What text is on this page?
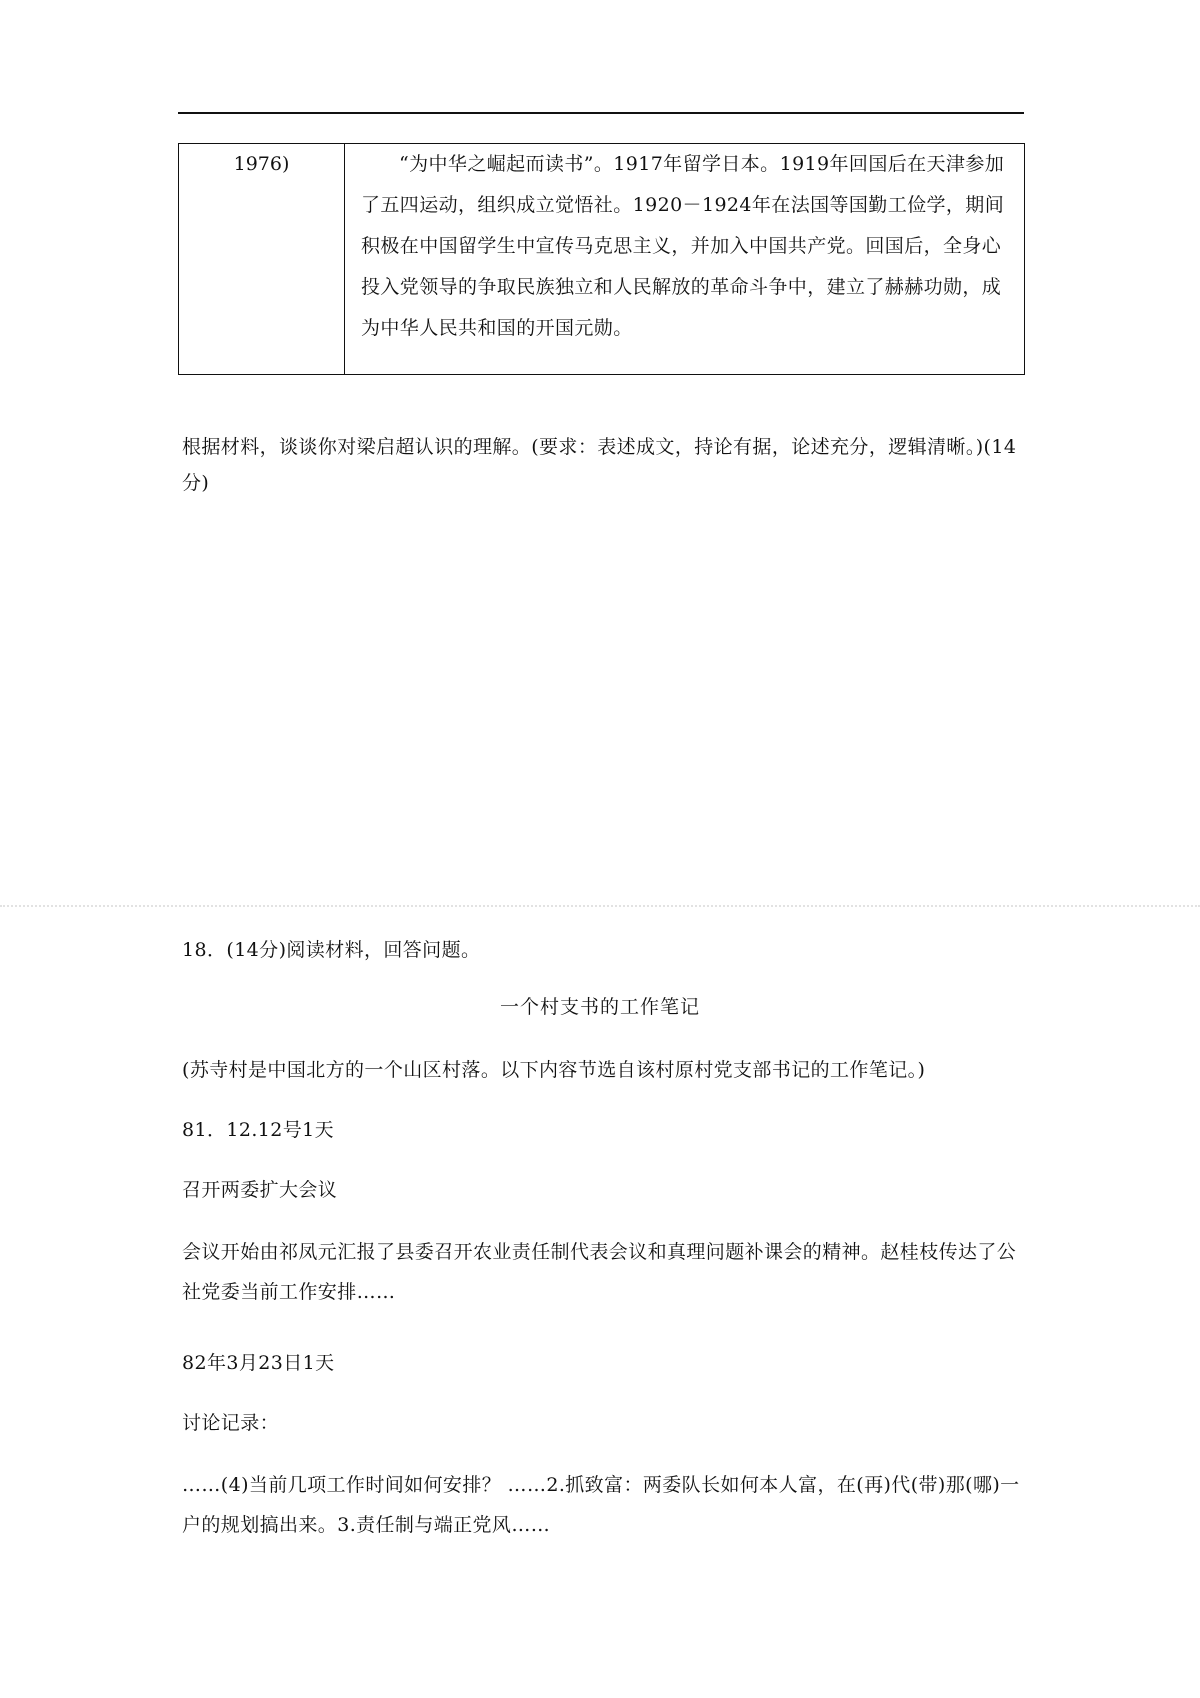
1976)	“为中华之崛起而读书”。1917年留学日本。1919年回国后在天津参加了五四运动，组织成立觉悟社。1920－1924年在法国等国勤工俭学，期间积极在中国留学生中宣传马克思主义，并加入中国共产党。回国后，全身心投入党领导的争取民族独立和人民解放的革命斗争中，建立了赫赫功勋，成为中华人民共和国的开国元勋。

根据材料，谈谈你对梁启超认识的理解。(要求：表述成文，持论有据，论述充分，逻辑清晰。)(14分)

18．(14分)阅读材料，回答问题。

一个村支书的工作笔记

(苏寺村是中国北方的一个山区村落。以下内容节选自该村原村党支部书记的工作笔记。)

81．12.12号1天

召开两委扩大会议

会议开始由祁凤元汇报了县委召开农业责任制代表会议和真理问题补课会的精神。赵桂枝传达了公社党委当前工作安排……

82年3月23日1天

讨论记录：

……(4)当前几项工作时间如何安排？ ……2.抓致富：两委队长如何本人富，在(再)代(带)那(哪)一户的规划搞出来。3.责任制与端正党风……
